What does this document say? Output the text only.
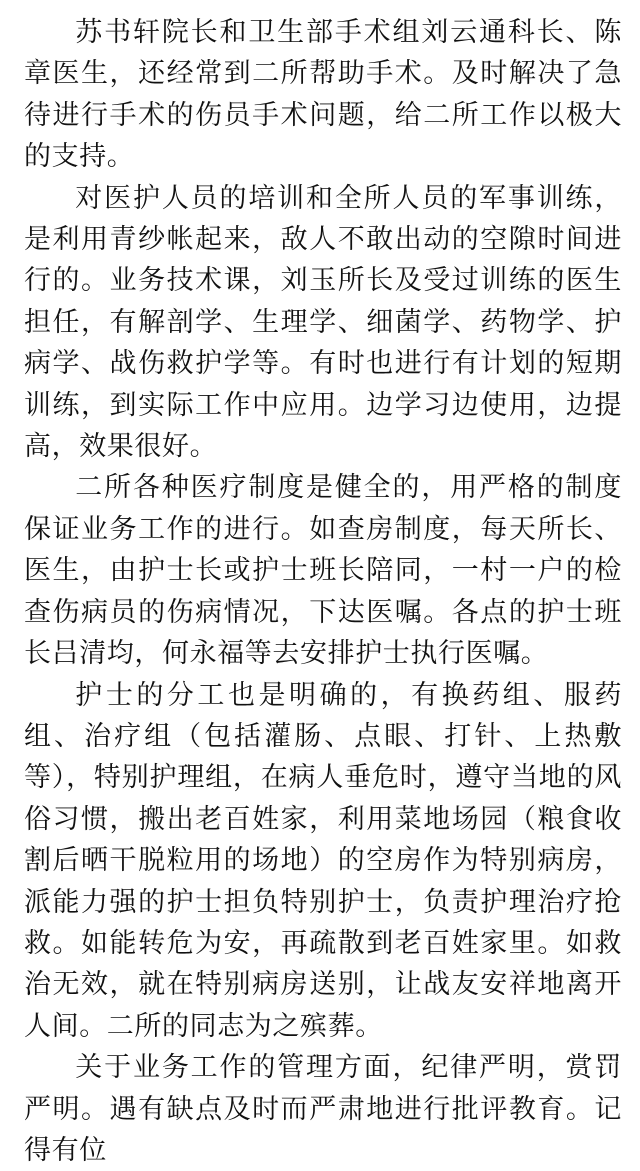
苏书轩院长和卫生部手术组刘云通科长、陈章医生，还经常到二所帮助手术。及时解决了急待进行手术的伤员手术问题，给二所工作以极大的支持。

对医护人员的培训和全所人员的军事训练，是利用青纱帐起来，敌人不敢出动的空隙时间进行的。业务技术课，刘玉所长及受过训练的医生担任，有解剖学、生理学、细菌学、药物学、护病学、战伤救护学等。有时也进行有计划的短期训练，到实际工作中应用。边学习边使用，边提高，效果很好。

二所各种医疗制度是健全的，用严格的制度保证业务工作的进行。如查房制度，每天所长、医生，由护士长或护士班长陪同，一村一户的检查伤病员的伤病情况，下达医嘱。各点的护士班长吕清均，何永福等去安排护士执行医嘱。

护士的分工也是明确的，有换药组、服药组、治疗组（包括灌肠、点眼、打针、上热敷等），特别护理组，在病人垂危时，遵守当地的风俗习惯，搬出老百姓家，利用菜地场园（粮食收割后晒干脱粒用的场地）的空房作为特别病房，派能力强的护士担负特别护士，负责护理治疗抢救。如能转危为安，再疏散到老百姓家里。如救治无效，就在特别病房送别，让战友安祥地离开人间。二所的同志为之殡葬。

关于业务工作的管理方面，纪律严明，赏罚严明。遇有缺点及时而严肃地进行批评教育。记得有位
